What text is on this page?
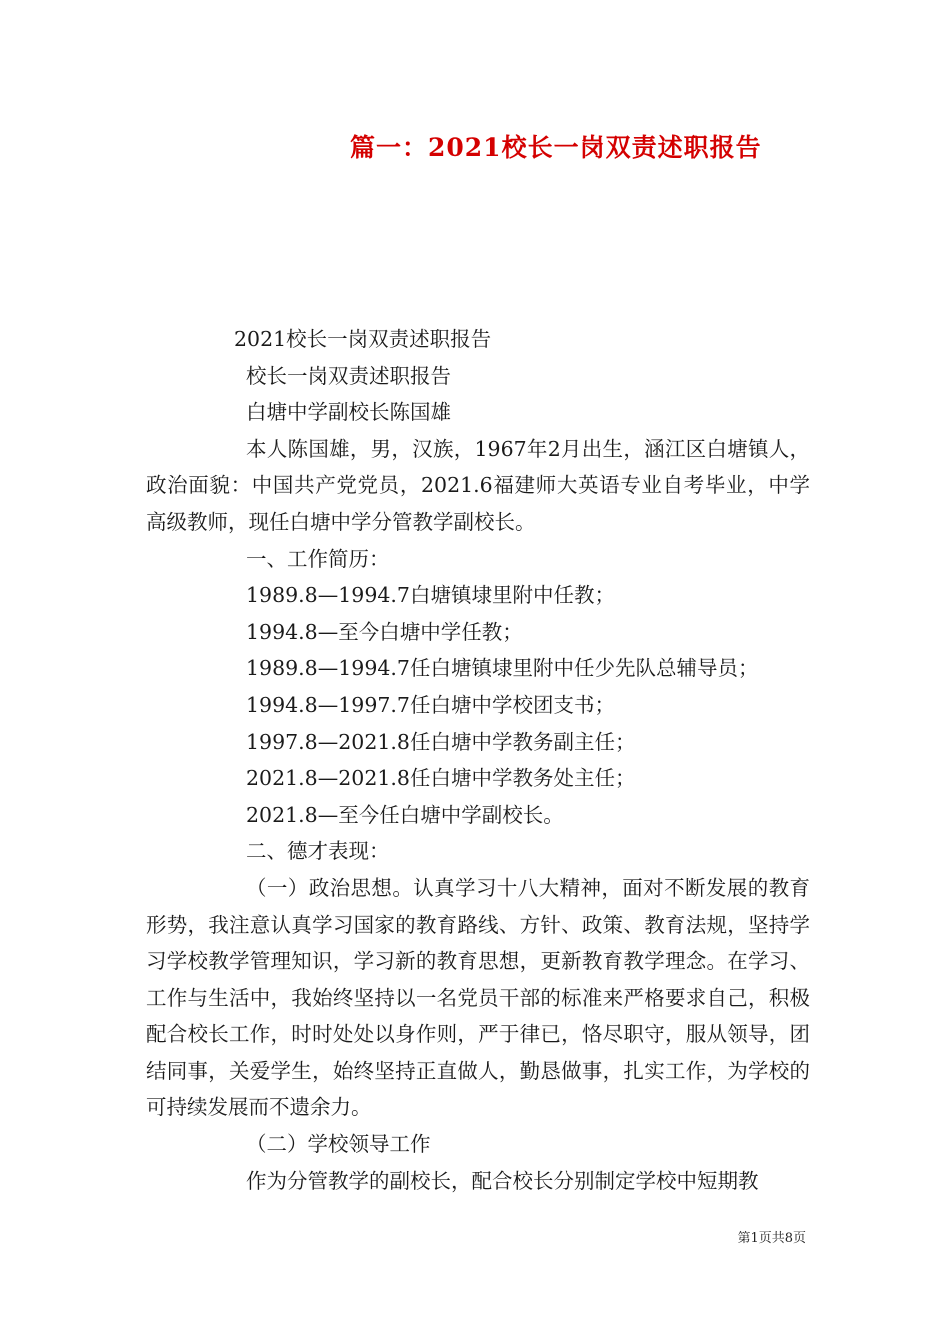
篇一：2021校长一岗双责述职报告

2021校长一岗双责述职报告

校长一岗双责述职报告

白塘中学副校长陈国雄

本人陈国雄，男，汉族，1967年2月出生，涵江区白塘镇人，政治面貌：中国共产党党员，2021.6福建师大英语专业自考毕业，中学高级教师，现任白塘中学分管教学副校长。

一、工作简历：

1989.8—1994.7白塘镇埭里附中任教；

1994.8—至今白塘中学任教；

1989.8—1994.7任白塘镇埭里附中任少先队总辅导员；

1994.8—1997.7任白塘中学校团支书；

1997.8—2021.8任白塘中学教务副主任；

2021.8—2021.8任白塘中学教务处主任；

2021.8—至今任白塘中学副校长。

二、德才表现：

（一）政治思想。认真学习十八大精神，面对不断发展的教育形势，我注意认真学习国家的教育路线、方针、政策、教育法规，坚持学习学校教学管理知识，学习新的教育思想，更新教育教学理念。在学习、工作与生活中，我始终坚持以一名党员干部的标准来严格要求自己，积极配合校长工作，时时处处以身作则，严于律已，恪尽职守，服从领导，团结同事，关爱学生，始终坚持正直做人，勤恳做事，扎实工作，为学校的可持续发展而不遗余力。

（二）学校领导工作

作为分管教学的副校长，配合校长分别制定学校中短期教

第1页共8页
